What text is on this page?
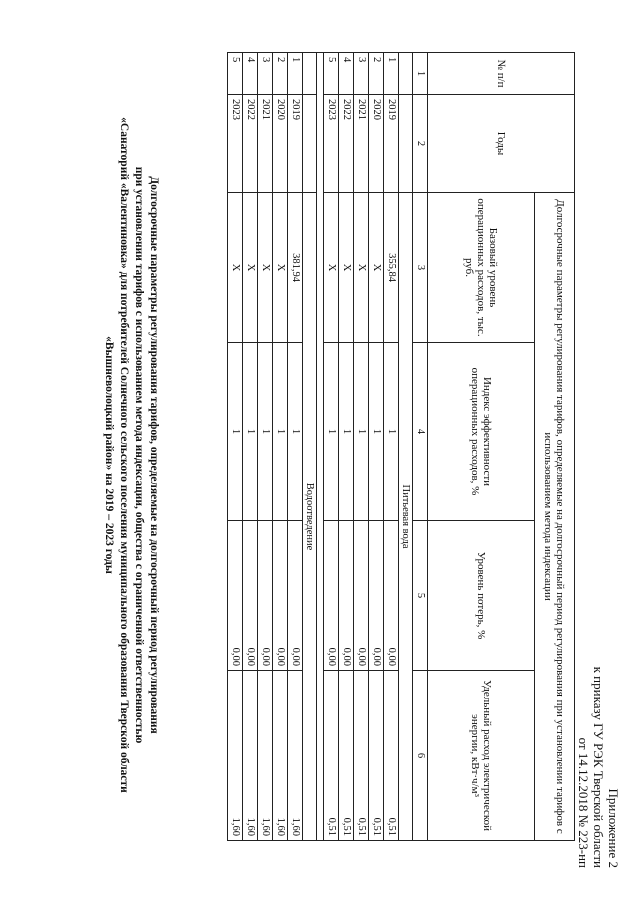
Приложение 2
к приказу ГУ РЭК Тверской области
от 14.12.2018 № 223-нп
Долгосрочные параметры регулирования тарифов, определяемые на долгосрочный период регулирования
при установлении тарифов с использованием метода индексации, общества с ограниченной ответственностью
«Санаторий «Валентиновка» для потребителей Солнечного сельского поселения муниципального образования Тверской области
«Вышневолоцкий район» на 2019 – 2023 годы
№ п/п	Годы	Долгосрочные параметры регулирования тарифов, определяемые на долгосрочный период регулирования при установлении тарифов с использованием метода индексации			
		Базовый уровень операционных расходов, тыс. руб.	Индекс эффективности операционных расходов, %	Уровень потерь, %	Удельный расход электрической энергии, кВт·ч/м³
1	2	3	4	5	6
		Питьевая вода			
1	2019	355,84	1	0,00	0,51
2	2020	X	1	0,00	0,51
3	2021	X	1	0,00	0,51
4	2022	X	1	0,00	0,51
5	2023	X	1	0,00	0,51

		Водоотведение			
1	2019	381,94	1	0,00	1,60
2	2020	X	1	0,00	1,60
3	2021	X	1	0,00	1,60
4	2022	X	1	0,00	1,60
5	2023	X	1	0,00	1,60
